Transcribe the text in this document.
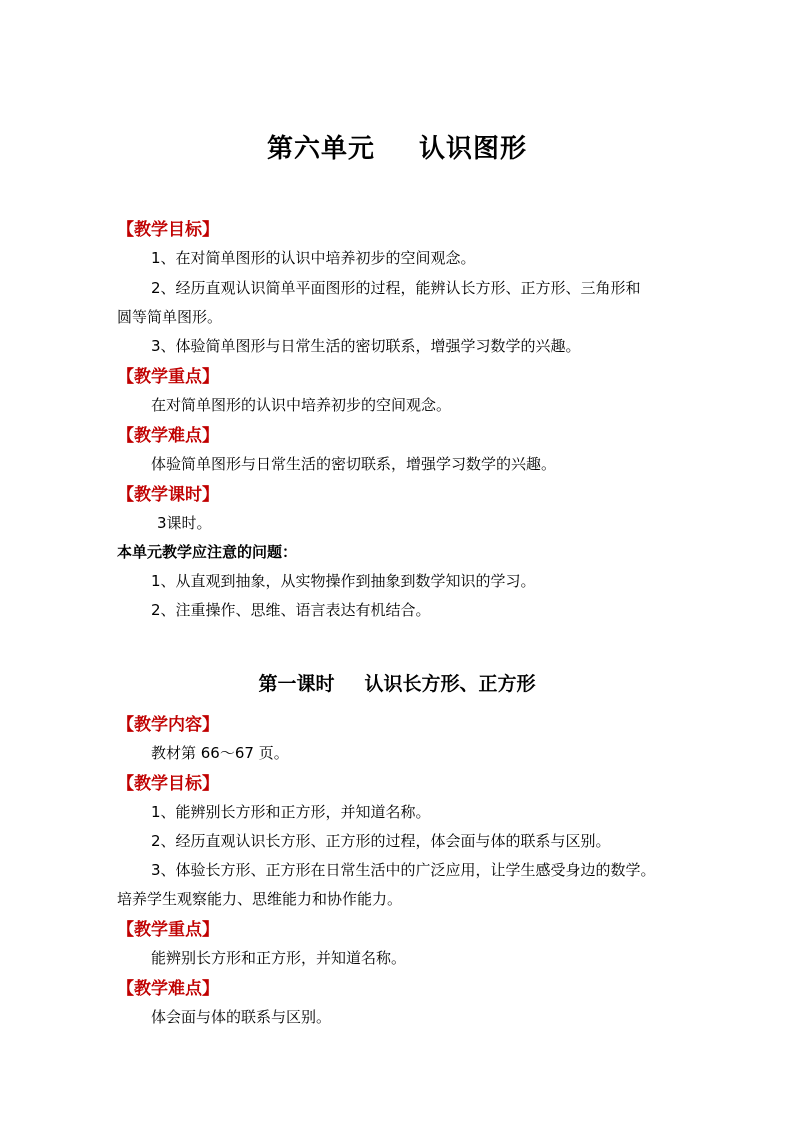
第六单元 认识图形
【教学目标】
1、在对简单图形的认识中培养初步的空间观念。
2、经历直观认识简单平面图形的过程，能辨认长方形、正方形、三角形和
圆等简单图形。
3、体验简单图形与日常生活的密切联系，增强学习数学的兴趣。
【教学重点】
在对简单图形的认识中培养初步的空间观念。
【教学难点】
体验简单图形与日常生活的密切联系，增强学习数学的兴趣。
【教学课时】
3课时。
本单元教学应注意的问题：
1、从直观到抽象，从实物操作到抽象到数学知识的学习。
2、注重操作、思维、语言表达有机结合。
第一课时 认识长方形、正方形
【教学内容】
教材第 66～67 页。
【教学目标】
1、能辨别长方形和正方形，并知道名称。
2、经历直观认识长方形、正方形的过程，体会面与体的联系与区别。
3、体验长方形、正方形在日常生活中的广泛应用，让学生感受身边的数学。
培养学生观察能力、思维能力和协作能力。
【教学重点】
能辨别长方形和正方形，并知道名称。
【教学难点】
体会面与体的联系与区别。
